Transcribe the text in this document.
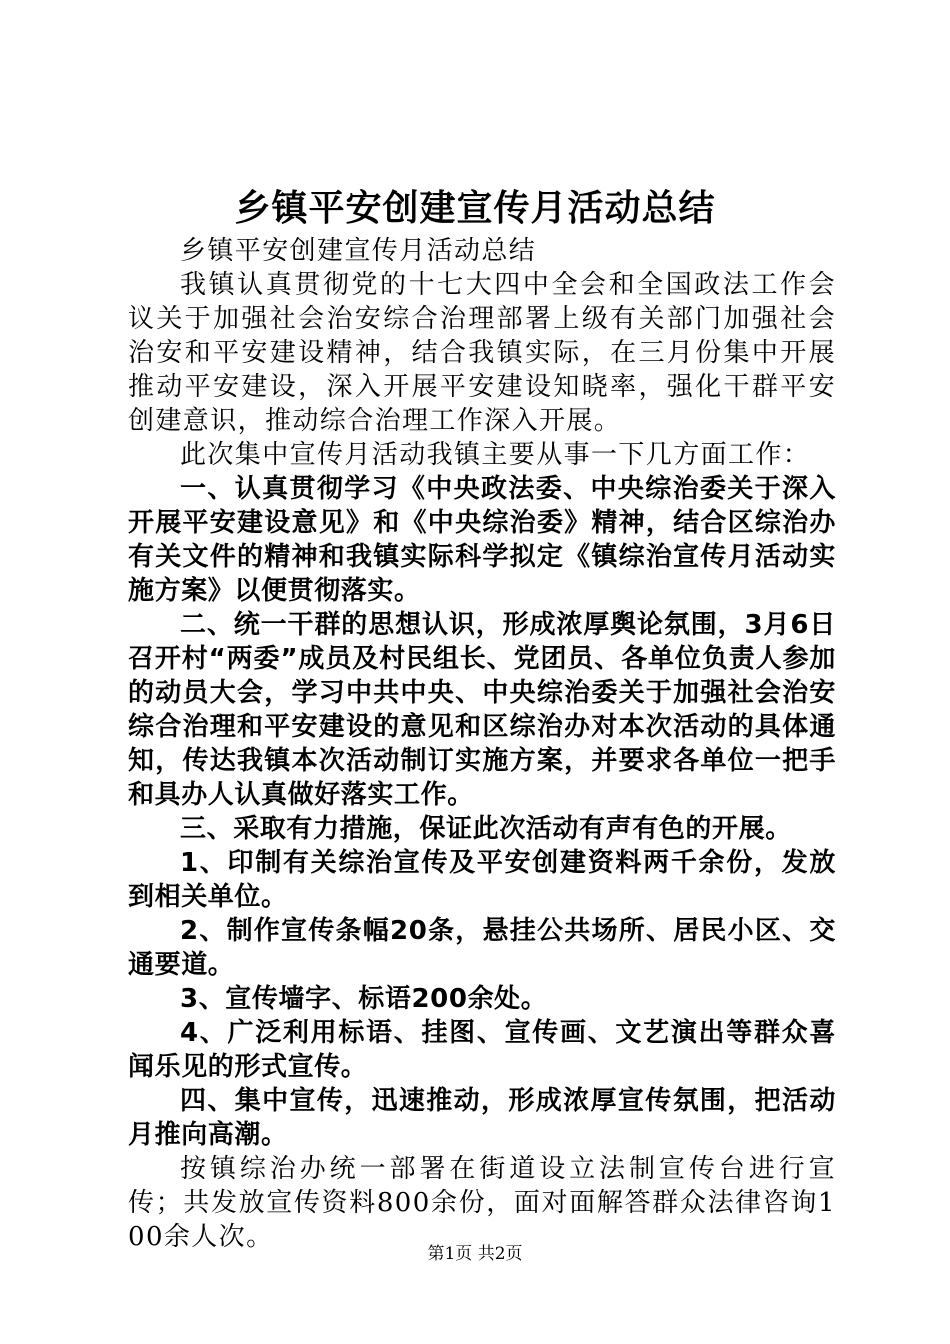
乡镇平安创建宣传月活动总结

乡镇平安创建宣传月活动总结

我镇认真贯彻党的十七大四中全会和全国政法工作会议关于加强社会治安综合治理部署上级有关部门加强社会治安和平安建设精神，结合我镇实际，在三月份集中开展推动平安建设，深入开展平安建设知晓率，强化干群平安创建意识，推动综合治理工作深入开展。

此次集中宣传月活动我镇主要从事一下几方面工作：

一、认真贯彻学习《中央政法委、中央综治委关于深入开展平安建设意见》和《中央综治委》精神，结合区综治办有关文件的精神和我镇实际科学拟定《镇综治宣传月活动实施方案》以便贯彻落实。

二、统一干群的思想认识，形成浓厚舆论氛围，3月6日召开村“两委”成员及村民组长、党团员、各单位负责人参加的动员大会，学习中共中央、中央综治委关于加强社会治安综合治理和平安建设的意见和区综治办对本次活动的具体通知，传达我镇本次活动制订实施方案，并要求各单位一把手和具办人认真做好落实工作。

三、采取有力措施，保证此次活动有声有色的开展。

1、印制有关综治宣传及平安创建资料两千余份，发放到相关单位。

2、制作宣传条幅20条，悬挂公共场所、居民小区、交通要道。

3、宣传墙字、标语200余处。

4、广泛利用标语、挂图、宣传画、文艺演出等群众喜闻乐见的形式宣传。

四、集中宣传，迅速推动，形成浓厚宣传氛围，把活动月推向高潮。

按镇综治办统一部署在街道设立法制宣传台进行宣传；共发放宣传资料800余份，面对面解答群众法律咨询100余人次。

第1页 共2页
